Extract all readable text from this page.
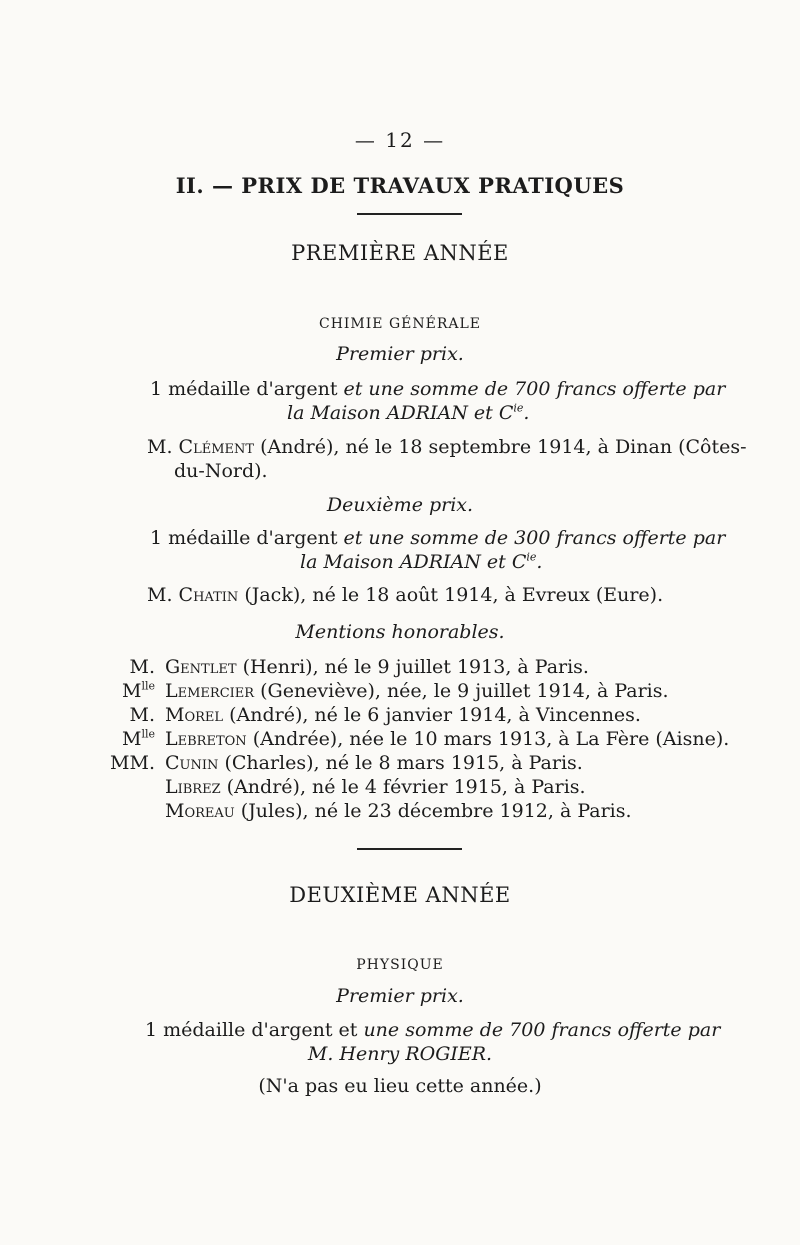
— 12 —
II. — PRIX DE TRAVAUX PRATIQUES
PREMIÈRE ANNÉE
CHIMIE GÉNÉRALE
Premier prix.
1 médaille d'argent et une somme de 700 francs offerte par
la Maison ADRIAN et $C^{ie}$.
M. Clément (André), né le 18 septembre 1914, à Dinan (Côtes-
du-Nord).
Deuxième prix.
1 médaille d'argent et une somme de 300 francs offerte par
la Maison ADRIAN et $C^{ie}$.
M. Chatin (Jack), né le 18 août 1914, à Evreux (Eure).
Mentions honorables.
M. Gentlet (Henri), né le 9 juillet 1913, à Paris.
$M^{lle}$ Lemercier (Geneviève), née, le 9 juillet 1914, à Paris.
M. Morel (André), né le 6 janvier 1914, à Vincennes.
$M^{lle}$ Lebreton (Andrée), née le 10 mars 1913, à La Fère (Aisne).
MM. Cunin (Charles), né le 8 mars 1915, à Paris.
Librez (André), né le 4 février 1915, à Paris.
Moreau (Jules), né le 23 décembre 1912, à Paris.
DEUXIÈME ANNÉE
PHYSIQUE
Premier prix.
1 médaille d'argent et une somme de 700 francs offerte par
M. Henry ROGIER.
(N'a pas eu lieu cette année.)
